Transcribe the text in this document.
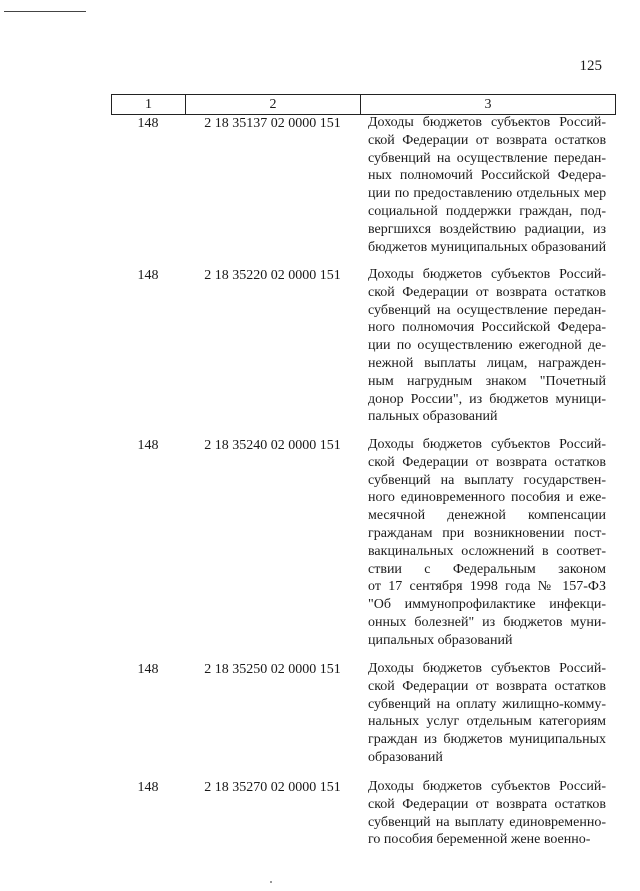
125
1	2	3
148	2 18 35137 02 0000 151	Доходы бюджетов субъектов Россий-
ской Федерации от возврата остатков
субвенций на осуществление передан-
ных полномочий Российской Федера-
ции по предоставлению отдельных мер
социальной поддержки граждан, под-
вергшихся воздействию радиации, из
бюджетов муниципальных образований
148	2 18 35220 02 0000 151	Доходы бюджетов субъектов Россий-
ской Федерации от возврата остатков
субвенций на осуществление передан-
ного полномочия Российской Федера-
ции по осуществлению ежегодной де-
нежной выплаты лицам, награжден-
ным нагрудным знаком "Почетный
донор России", из бюджетов муници-
пальных образований
148	2 18 35240 02 0000 151	Доходы бюджетов субъектов Россий-
ской Федерации от возврата остатков
субвенций на выплату государствен-
ного единовременного пособия и еже-
месячной денежной компенсации
гражданам при возникновении пост-
вакцинальных осложнений в соответ-
ствии с Федеральным законом
от 17 сентября 1998 года № 157-ФЗ
"Об иммунопрофилактике инфекци-
онных болезней" из бюджетов муни-
ципальных образований
148	2 18 35250 02 0000 151	Доходы бюджетов субъектов Россий-
ской Федерации от возврата остатков
субвенций на оплату жилищно-комму-
нальных услуг отдельным категориям
граждан из бюджетов муниципальных
образований
148	2 18 35270 02 0000 151	Доходы бюджетов субъектов Россий-
ской Федерации от возврата остатков
субвенций на выплату единовременно-
го пособия беременной жене военно-
